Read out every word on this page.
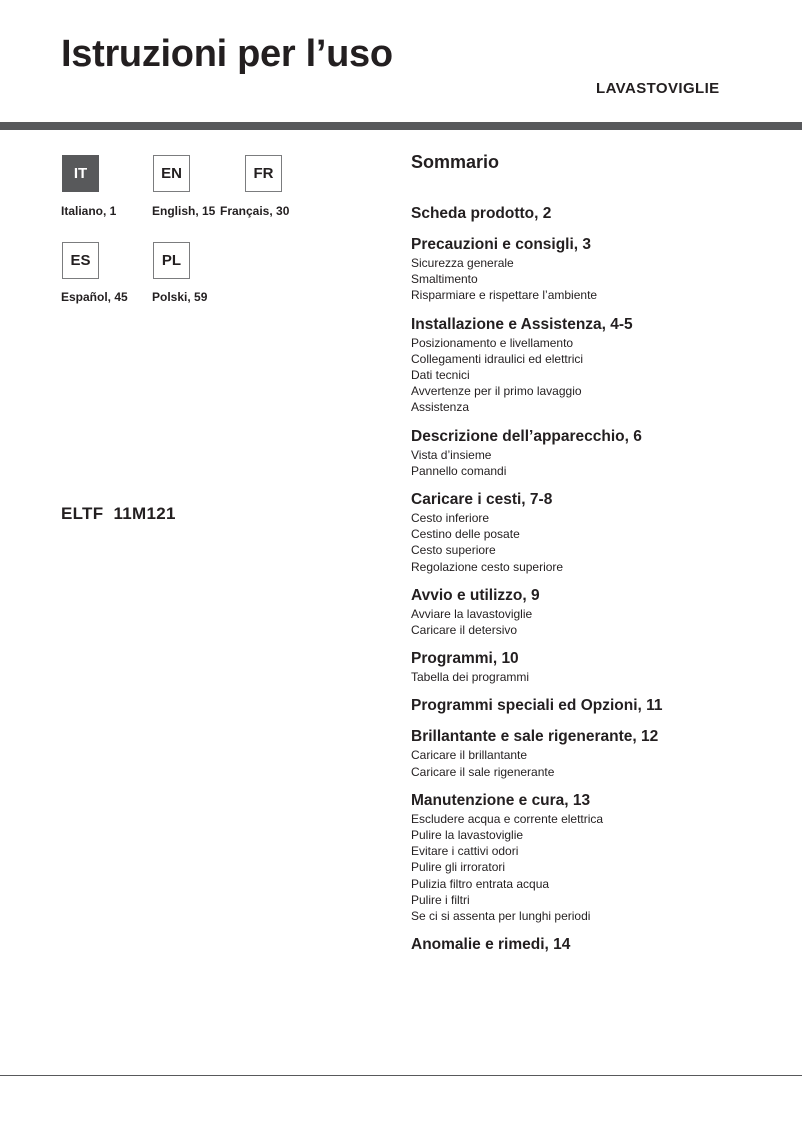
Istruzioni per l’uso
LAVASTOVIGLIE
IT	EN	FR
Italiano, 1	English, 15 Français, 30
ES	PL
Español, 45 Polski, 59
ELTF  11M121
Sommario
Scheda prodotto, 2
Precauzioni e consigli, 3
Sicurezza generale
Smaltimento
Risparmiare e rispettare l’ambiente
Installazione e Assistenza, 4-5
Posizionamento e livellamento
Collegamenti idraulici ed elettrici
Dati tecnici
Avvertenze per il primo lavaggio
Assistenza
Descrizione dell’apparecchio, 6
Vista d’insieme
Pannello comandi
Caricare i cesti, 7-8
Cesto inferiore
Cestino delle posate
Cesto superiore
Regolazione cesto superiore
Avvio e utilizzo, 9
Avviare la lavastoviglie
Caricare il detersivo
Programmi, 10
Tabella dei programmi
Programmi speciali ed Opzioni, 11
Brillantante e sale rigenerante, 12
Caricare il brillantante
Caricare il sale rigenerante
Manutenzione e cura, 13
Escludere acqua e corrente elettrica
Pulire la lavastoviglie
Evitare i cattivi odori
Pulire gli irroratori
Pulizia filtro entrata acqua
Pulire i filtri
Se ci si assenta per lunghi periodi
Anomalie e rimedi, 14
